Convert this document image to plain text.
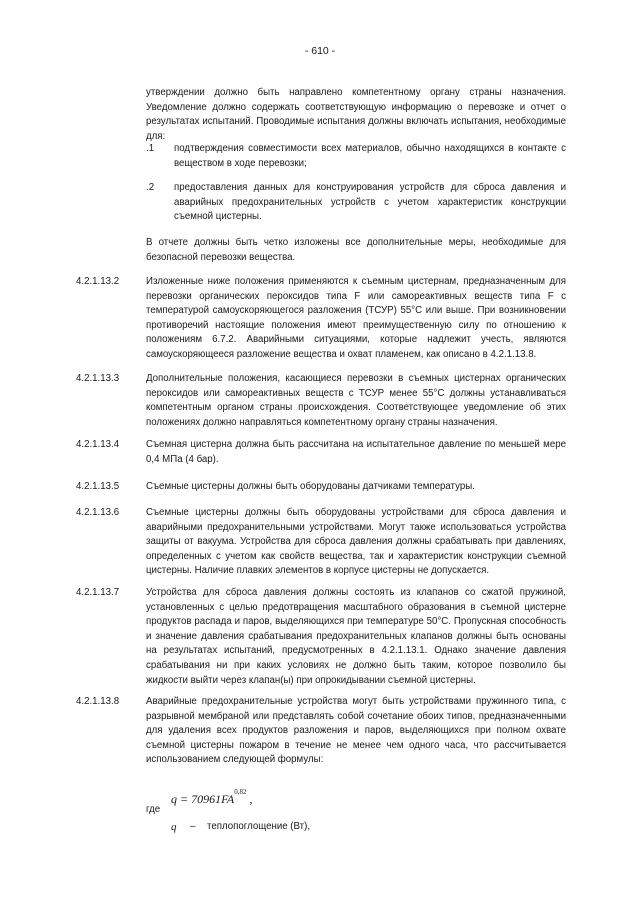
- 610 -
утверждении должно быть направлено компетентному органу страны назначения. Уведомление должно содержать соответствующую информацию о перевозке и отчет о результатах испытаний. Проводимые испытания должны включать испытания, необходимые для:
.1 подтверждения совместимости всех материалов, обычно находящихся в контакте с веществом в ходе перевозки;
.2 предоставления данных для конструирования устройств для сброса давления и аварийных предохранительных устройств с учетом характеристик конструкции съемной цистерны.
В отчете должны быть четко изложены все дополнительные меры, необходимые для безопасной перевозки вещества.
4.2.1.13.2	Изложенные ниже положения применяются к съемным цистернам, предназначенным для перевозки органических пероксидов типа F или самореактивных веществ типа F с температурой самоускоряющегося разложения (ТСУР) 55°С или выше. При возникновении противоречий настоящие положения имеют преимущественную силу по отношению к положениям 6.7.2. Аварийными ситуациями, которые надлежит учесть, являются самоускоряющееся разложение вещества и охват пламенем, как описано в 4.2.1.13.8.
4.2.1.13.3	Дополнительные положения, касающиеся перевозки в съемных цистернах органических пероксидов или самореактивных веществ с ТСУР менее 55°С должны устанавливаться компетентным органом страны происхождения. Соответствующее уведомление об этих положениях должно направляться компетентному органу страны назначения.
4.2.1.13.4	Съемная цистерна должна быть рассчитана на испытательное давление по меньшей мере 0,4 МПа (4 бар).
4.2.1.13.5	Съемные цистерны должны быть оборудованы датчиками температуры.
4.2.1.13.6	Съемные цистерны должны быть оборудованы устройствами для сброса давления и аварийными предохранительными устройствами. Могут также использоваться устройства защиты от вакуума. Устройства для сброса давления должны срабатывать при давлениях, определенных с учетом как свойств вещества, так и характеристик конструкции съемной цистерны. Наличие плавких элементов в корпусе цистерны не допускается.
4.2.1.13.7	Устройства для сброса давления должны состоять из клапанов со сжатой пружиной, установленных с целью предотвращения масштабного образования в съемной цистерне продуктов распада и паров, выделяющихся при температуре 50°С. Пропускная способность и значение давления срабатывания предохранительных клапанов должны быть основаны на результатах испытаний, предусмотренных в 4.2.1.13.1. Однако значение давления срабатывания ни при каких условиях не должно быть таким, которое позволило бы жидкости выйти через клапан(ы) при опрокидывании съемной цистерны.
4.2.1.13.8	Аварийные предохранительные устройства могут быть устройствами пружинного типа, с разрывной мембраной или представлять собой сочетание обоих типов, предназначенными для удаления всех продуктов разложения и паров, выделяющихся при полном охвате съемной цистерны пожаром в течение не менее чем одного часа, что рассчитывается использованием следующей формулы:
q = 70961FA$^{0,82}$ ,
где
q – теплопоглощение (Вт),
